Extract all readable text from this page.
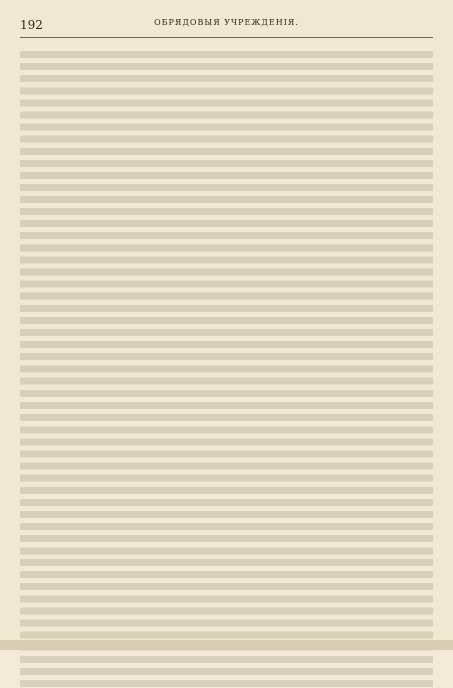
192	ОБРЯДОВЫЯ УЧРЕЖДЕНІЯ.
